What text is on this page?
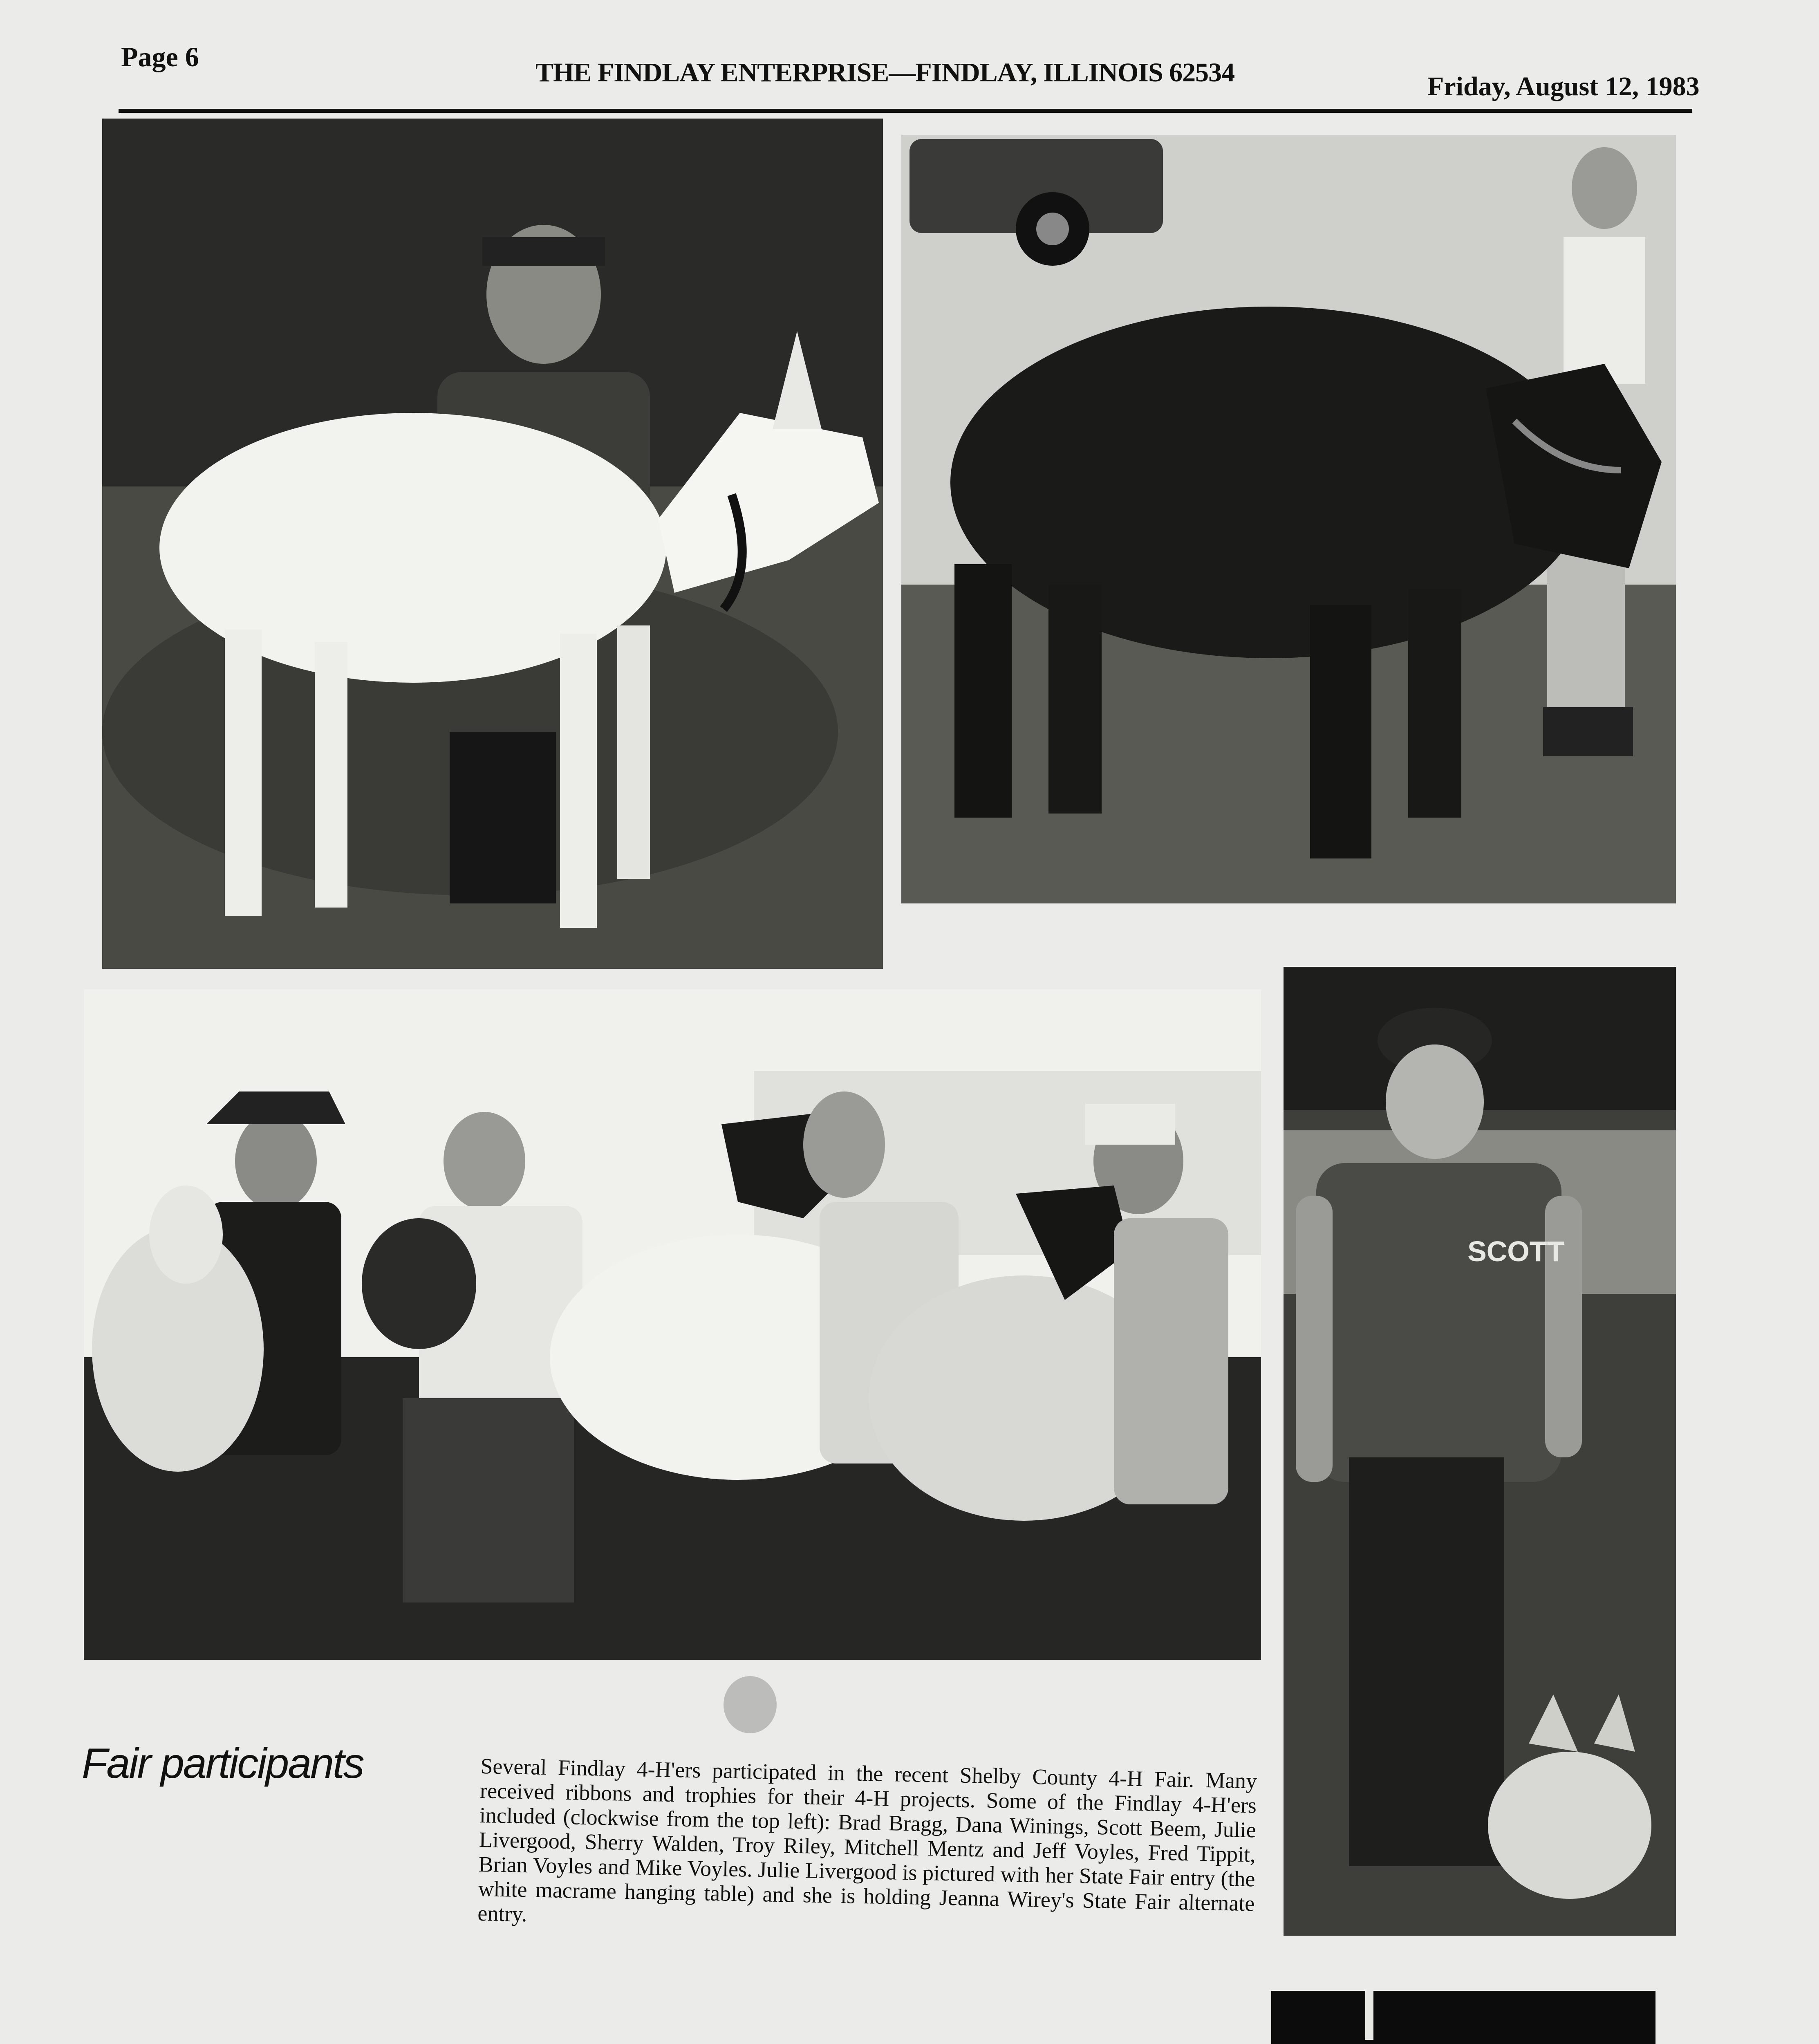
Page 6
THE FINDLAY ENTERPRISE—FINDLAY, ILLINOIS 62534	Friday, August 12, 1983
SCOTT
Fair participants	Several Findlay 4-H'ers participated in the recent Shelby County 4-H Fair. Many received ribbons and trophies for their 4-H projects. Some of the Findlay 4-H'ers included (clockwise from the top left): Brad Bragg, Dana Winings, Scott Beem, Julie Livergood, Sherry Walden, Troy Riley, Mitchell Mentz and Jeff Voyles, Fred Tippit, Brian Voyles and Mike Voyles. Julie Livergood is pictured with her State Fair entry (the white macrame hanging table) and she is holding Jeanna Wirey's State Fair alternate entry.
